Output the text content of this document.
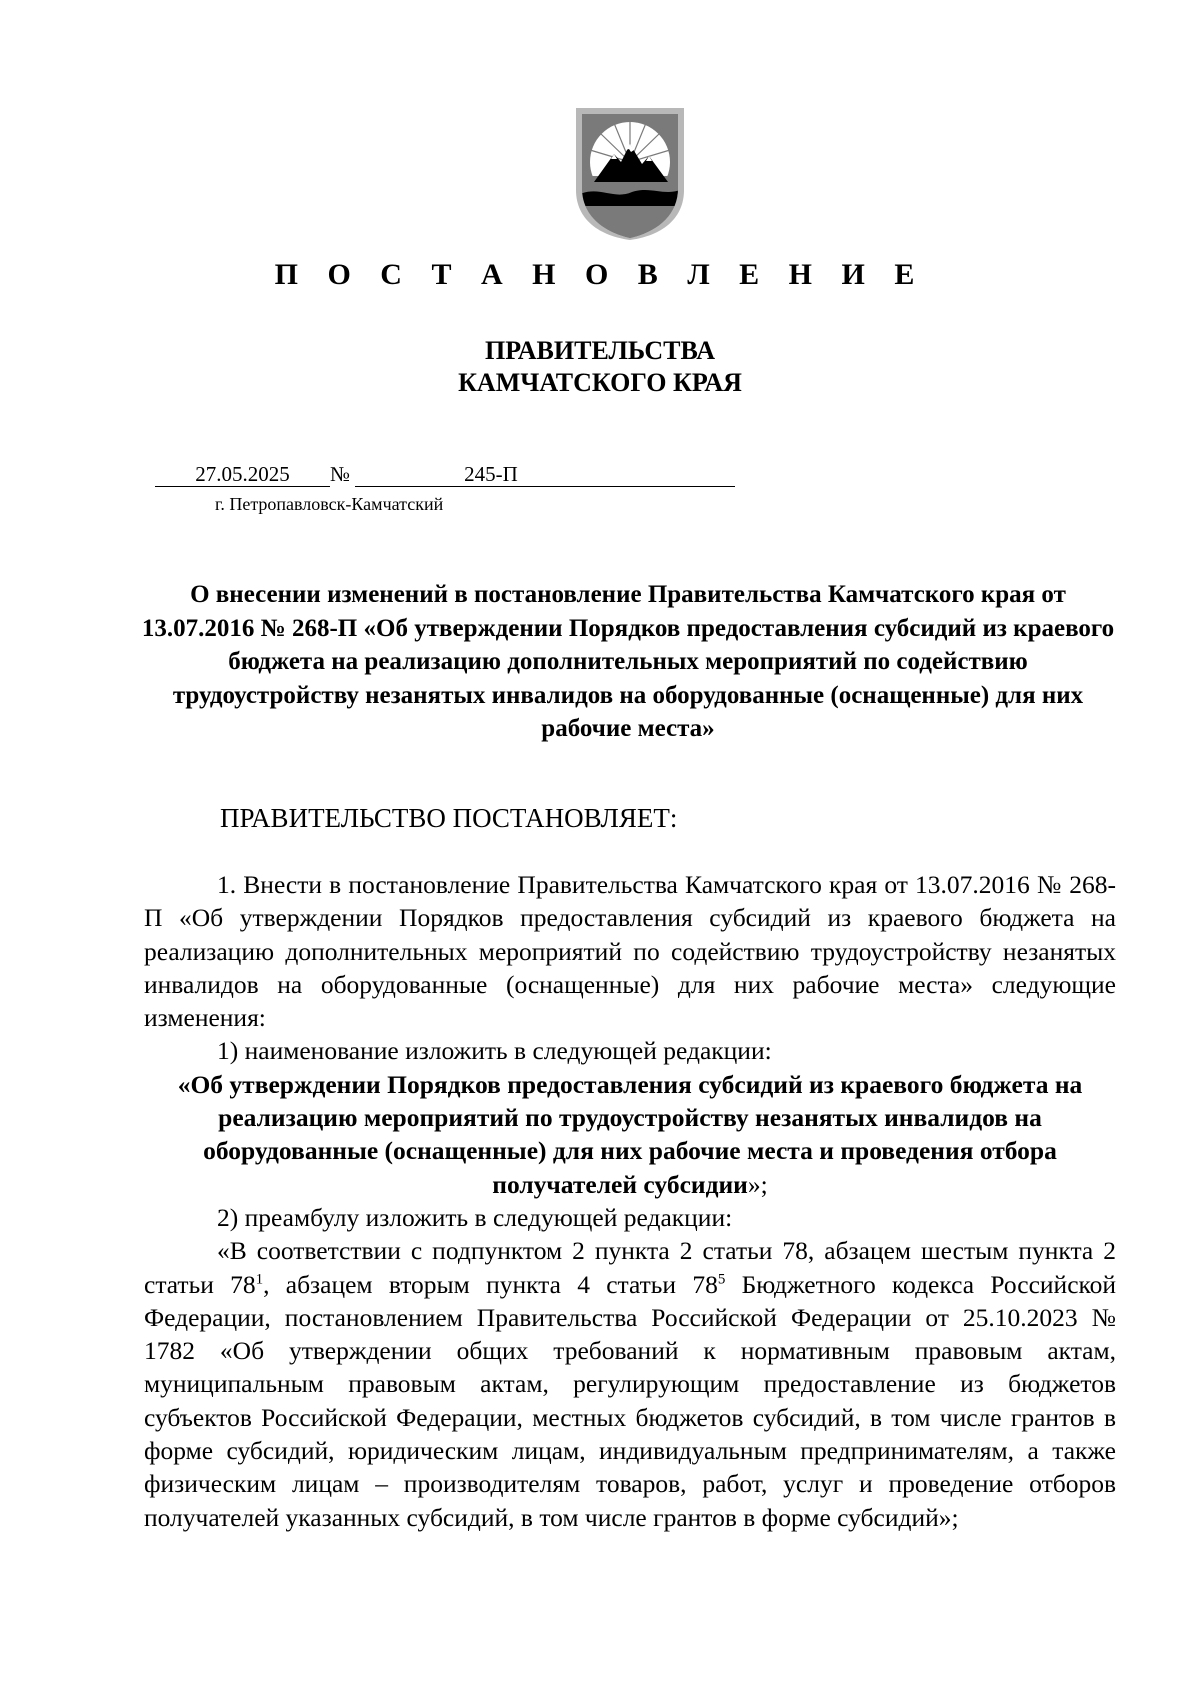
П О С Т А Н О В Л Е Н И Е
ПРАВИТЕЛЬСТВА
КАМЧАТСКОГО КРАЯ
27.05.2025	№	245-П
г. Петропавловск-Камчатский
О внесении изменений в постановление Правительства Камчатского края от 13.07.2016 № 268-П «Об утверждении Порядков предоставления субсидий из краевого бюджета на реализацию дополнительных мероприятий по содействию трудоустройству незанятых инвалидов на оборудованные (оснащенные) для них рабочие места»
ПРАВИТЕЛЬСТВО ПОСТАНОВЛЯЕТ:

1. Внести в постановление Правительства Камчатского края от 13.07.2016 № 268-П «Об утверждении Порядков предоставления субсидий из краевого бюджета на реализацию дополнительных мероприятий по содействию трудоустройству незанятых инвалидов на оборудованные (оснащенные) для них рабочие места» следующие изменения:

1) наименование изложить в следующей редакции:

«Об утверждении Порядков предоставления субсидий из краевого бюджета на реализацию мероприятий по трудоустройству незанятых инвалидов на оборудованные (оснащенные) для них рабочие места и проведения отбора получателей субсидии»;

2) преамбулу изложить в следующей редакции:

«В соответствии с подпунктом 2 пункта 2 статьи 78, абзацем шестым пункта 2 статьи $78^1$, абзацем вторым пункта 4 статьи $78^5$ Бюджетного кодекса Российской Федерации, постановлением Правительства Российской Федерации от 25.10.2023 № 1782 «Об утверждении общих требований к нормативным правовым актам, муниципальным правовым актам, регулирующим предоставление из бюджетов субъектов Российской Федерации, местных бюджетов субсидий, в том числе грантов в форме субсидий, юридическим лицам, индивидуальным предпринимателям, а также физическим лицам – производителям товаров, работ, услуг и проведение отборов получателей указанных субсидий, в том числе грантов в форме субсидий»;
